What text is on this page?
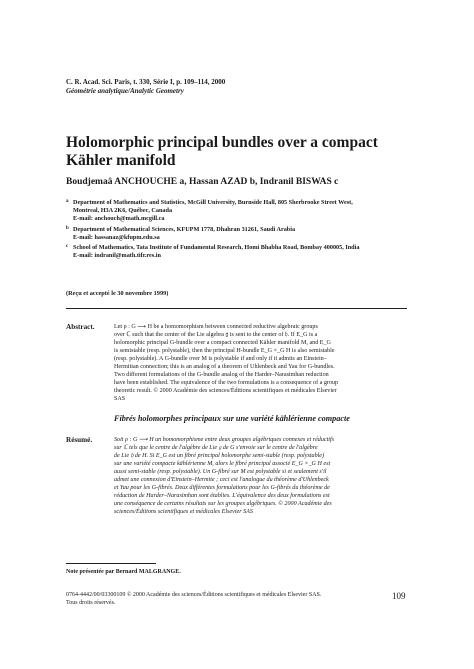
C. R. Acad. Sci. Paris, t. 330, Série I, p. 109–114, 2000
Géométrie analytique/Analytic Geometry
Holomorphic principal bundles over a compact
Kähler manifold
Boudjemaâ ANCHOUCHE a, Hassan AZAD b, Indranil BISWAS c
a Department of Mathematics and Statistics, McGill University, Burnside Hall, 805 Sherbrooke Street West,
Montreal, H3A 2K6, Québec, Canada
E-mail: anchouch@math.mcgill.ca
b Department of Mathematical Sciences, KFUPM 1778, Dhahran 31261, Saudi Arabia
E-mail: hassanaz@kfupm.edu.sa
c School of Mathematics, Tata Institute of Fundamental Research, Homi Bhabha Road, Bombay 400005, India
E-mail: indranil@math.tifr.res.in
(Reçu et accepté le 30 novembre 1999)
Abstract.	Let ρ : G ⟶ H be a homomorphism between connected reductive algebraic groups
over ℂ such that the center of the Lie algebra 𝔤 is sent to the center of 𝔥. If E_G is a
holomorphic principal G-bundle over a compact connected Kähler manifold M, and E_G
is semistable (resp. polystable), then the principal H-bundle E_G ×_G H is also semistable
(resp. polystable). A G-bundle over M is polystable if and only if it admits an Einstein–
Hermitian connection; this is an analog of a theorem of Uhlenbeck and Yau for G-bundles.
Two different formulations of the G-bundle analog of the Harder–Narasimhan reduction
have been established. The equivalence of the two formulations is a consequence of a group
theoretic result. © 2000 Académie des sciences/Éditions scientifiques et médicales Elsevier
SAS
Fibrés holomorphes principaux sur une variété kählérienne compacte
Résumé.	Soit ρ : G ⟶ H un homomorphisme entre deux groupes algébriques connexes et réductifs
sur ℂ tels que le centre de l'algèbre de Lie 𝔤 de G s'envoie sur le centre de l'algèbre
de Lie 𝔥 de H. Si E_G est un fibré principal holomorphe semi-stable (resp. polystable)
sur une variété compacte kählérienne M, alors le fibré principal associé E_G ×_G H est
aussi semi-stable (resp. polystable). Un G-fibré sur M est polystable si et seulement s'il
admet une connexion d'Einstein–Hermite ; ceci est l'analogue du théorème d'Uhlenbeck
et Yau pour les G-fibrés. Deux différentes formulations pour les G-fibrés du théorème de
réduction de Harder–Narasimhan sont établies. L'équivalence des deux formulations est
une conséquence de certains résultats sur les groupes algébriques. © 2000 Académie des
sciences/Éditions scientifiques et médicales Elsevier SAS
Note présentée par Bernard MALGRANGE.
0764-4442/00/03300109 © 2000 Académie des sciences/Éditions scientifiques et médicales Elsevier SAS.
Tous droits réservés.
109
